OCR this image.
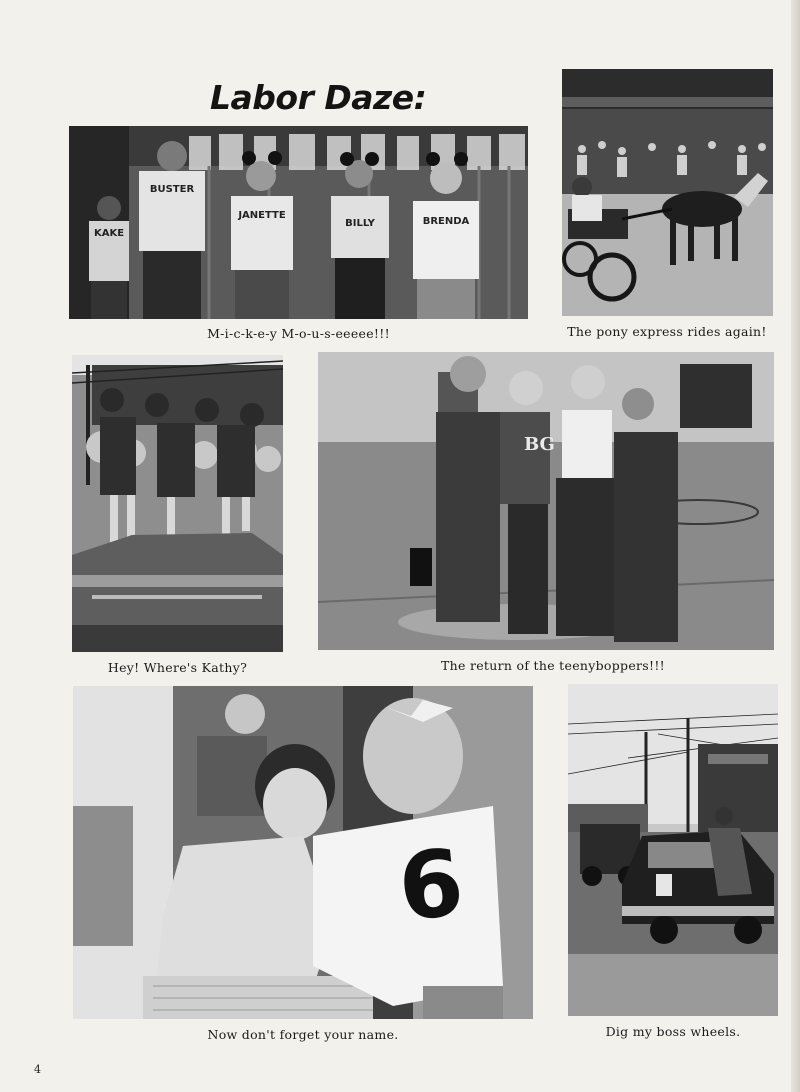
Labor Daze:
KAKE
BUSTER
JANETTE
BILLY	BRENDA
M-i-c-k-e-y M-o-u-s-eeeee!!!	The pony express rides again!
Hey! Where's Kathy?
BG
The return of the teenyboppers!!!
6
Now don't forget your name.	Dig my boss wheels.
4
